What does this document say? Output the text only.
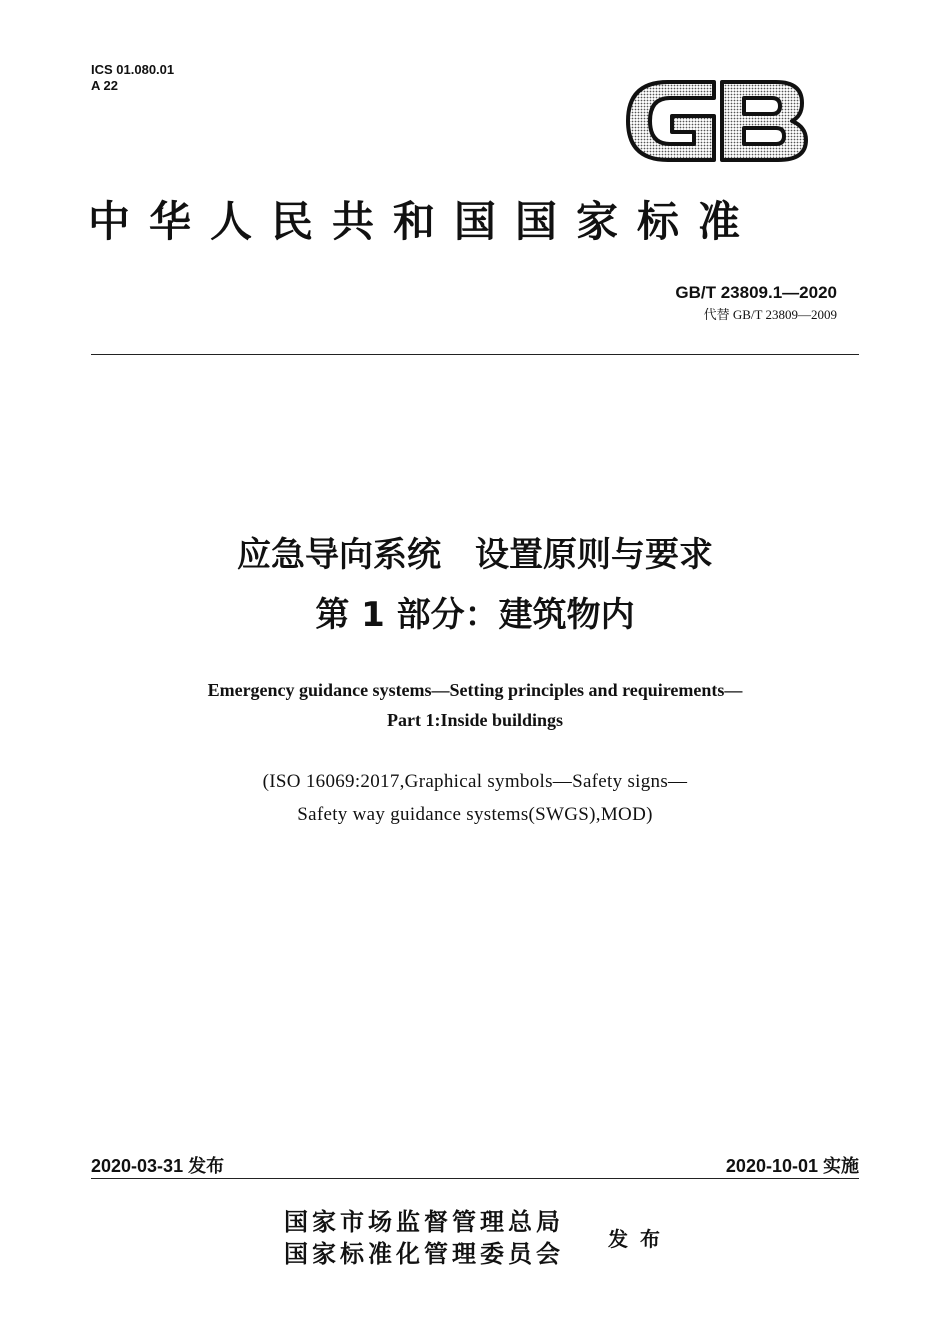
ICS 01.080.01
A 22
中华人民共和国国家标准
GB/T 23809.1—2020
代替 GB/T 23809—2009
应急导向系统　设置原则与要求
第 1 部分：建筑物内
Emergency guidance systems—Setting principles and requirements—
Part 1:Inside buildings
(ISO 16069:2017,Graphical symbols—Safety signs—
Safety way guidance systems(SWGS),MOD)
2020-03-31 发布	2020-10-01 实施
国家市场监督管理总局
国家标准化管理委员会 发布
